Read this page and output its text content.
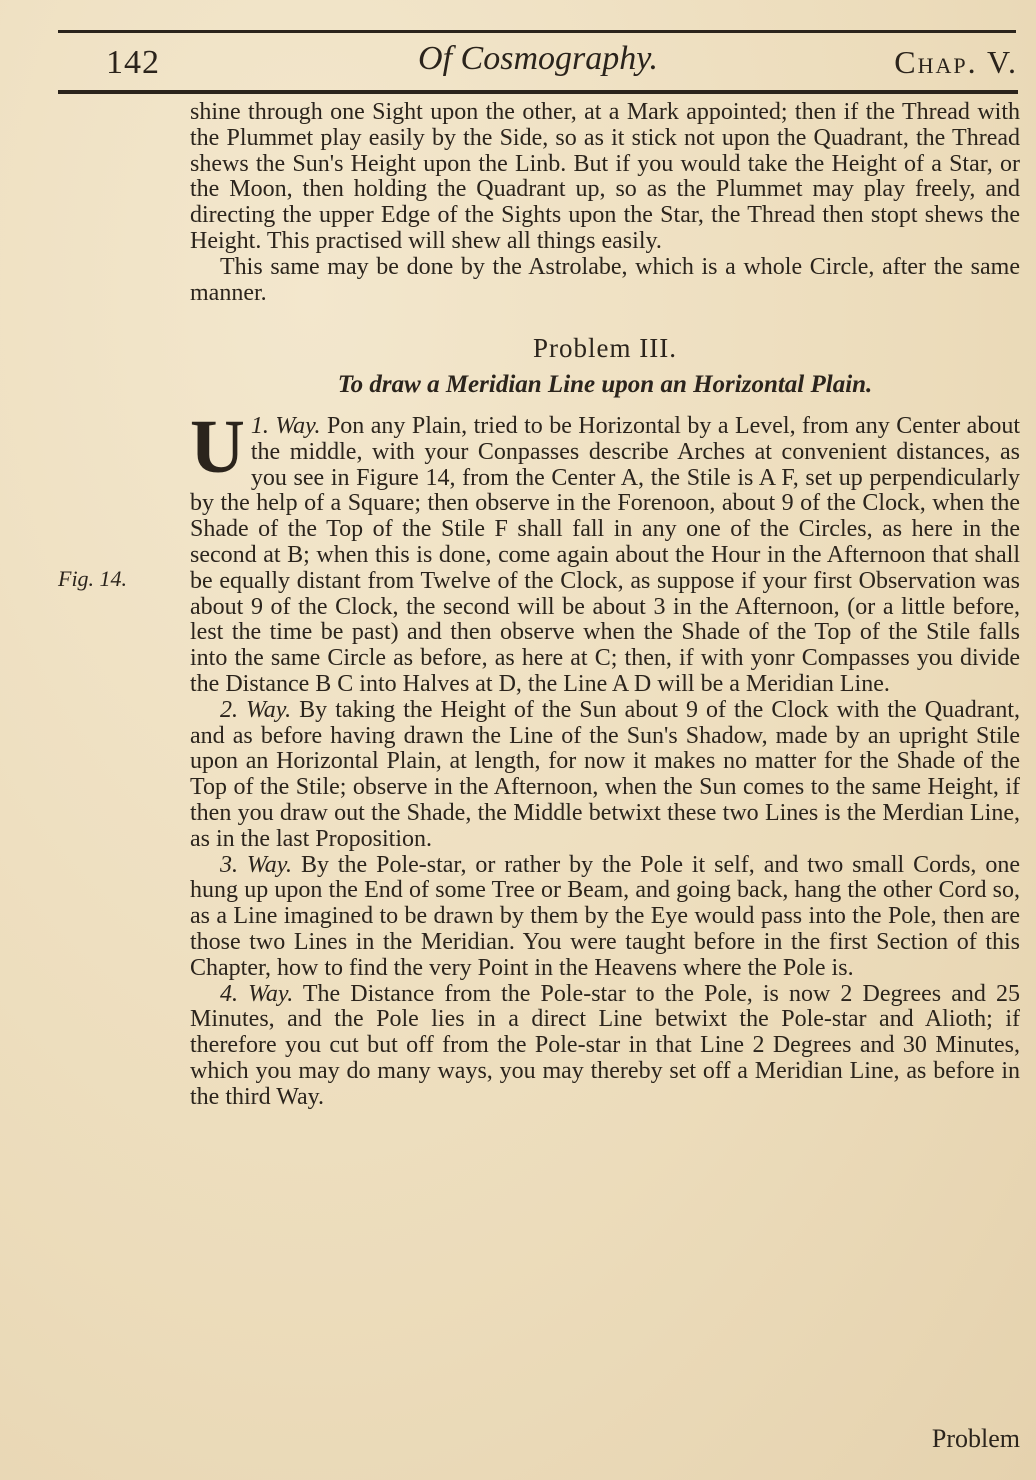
142	Of Cosmography.	Chap. V.
Fig. 14.

shine through one Sight upon the other, at a Mark appointed; then if the Thread with the Plummet play easily by the Side, so as it stick not upon the Quadrant, the Thread shews the Sun's Height upon the Linb. But if you would take the Height of a Star, or the Moon, then holding the Quadrant up, so as the Plummet may play freely, and directing the upper Edge of the Sights upon the Star, the Thread then stopt shews the Height. This practised will shew all things easily.

This same may be done by the Astrolabe, which is a whole Circle, after the same manner.

Problem III.
To draw a Meridian Line upon an Horizontal Plain.

1. Way.
U	Pon any Plain, tried to be Horizontal by a Level, from any Center about the middle, with your Conpasses describe Arches at convenient distances, as you see in Figure 14, from the Center A, the Stile is A F, set up perpendicularly by the help of a Square; then observe in the Forenoon, about 9 of the Clock, when the Shade of the Top of the Stile F shall fall in any one of the Circles, as here in the second at B; when this is done, come again about the Hour in the Afternoon that shall be equally distant from Twelve of the Clock, as suppose if your first Observation was about 9 of the Clock, the second will be about 3 in the Afternoon, (or a little before, lest the time be past) and then observe when the Shade of the Top of the Stile falls into the same Circle as before, as here at C; then, if with yonr Compasses you divide the Distance B C into Halves at D, the Line A D will be a Meridian Line.

2. Way. By taking the Height of the Sun about 9 of the Clock with the Quadrant, and as before having drawn the Line of the Sun's Shadow, made by an upright Stile upon an Horizontal Plain, at length, for now it makes no matter for the Shade of the Top of the Stile; observe in the Afternoon, when the Sun comes to the same Height, if then you draw out the Shade, the Middle betwixt these two Lines is the Merdian Line, as in the last Proposition.

3. Way. By the Pole-star, or rather by the Pole it self, and two small Cords, one hung up upon the End of some Tree or Beam, and going back, hang the other Cord so, as a Line imagined to be drawn by them by the Eye would pass into the Pole, then are those two Lines in the Meridian. You were taught before in the first Section of this Chapter, how to find the very Point in the Heavens where the Pole is.

4. Way. The Distance from the Pole-star to the Pole, is now 2 Degrees and 25 Minutes, and the Pole lies in a direct Line betwixt the Pole-star and Alioth; if therefore you cut but off from the Pole-star in that Line 2 Degrees and 30 Minutes, which you may do many ways, you may thereby set off a Meridian Line, as before in the third Way.

Problem
